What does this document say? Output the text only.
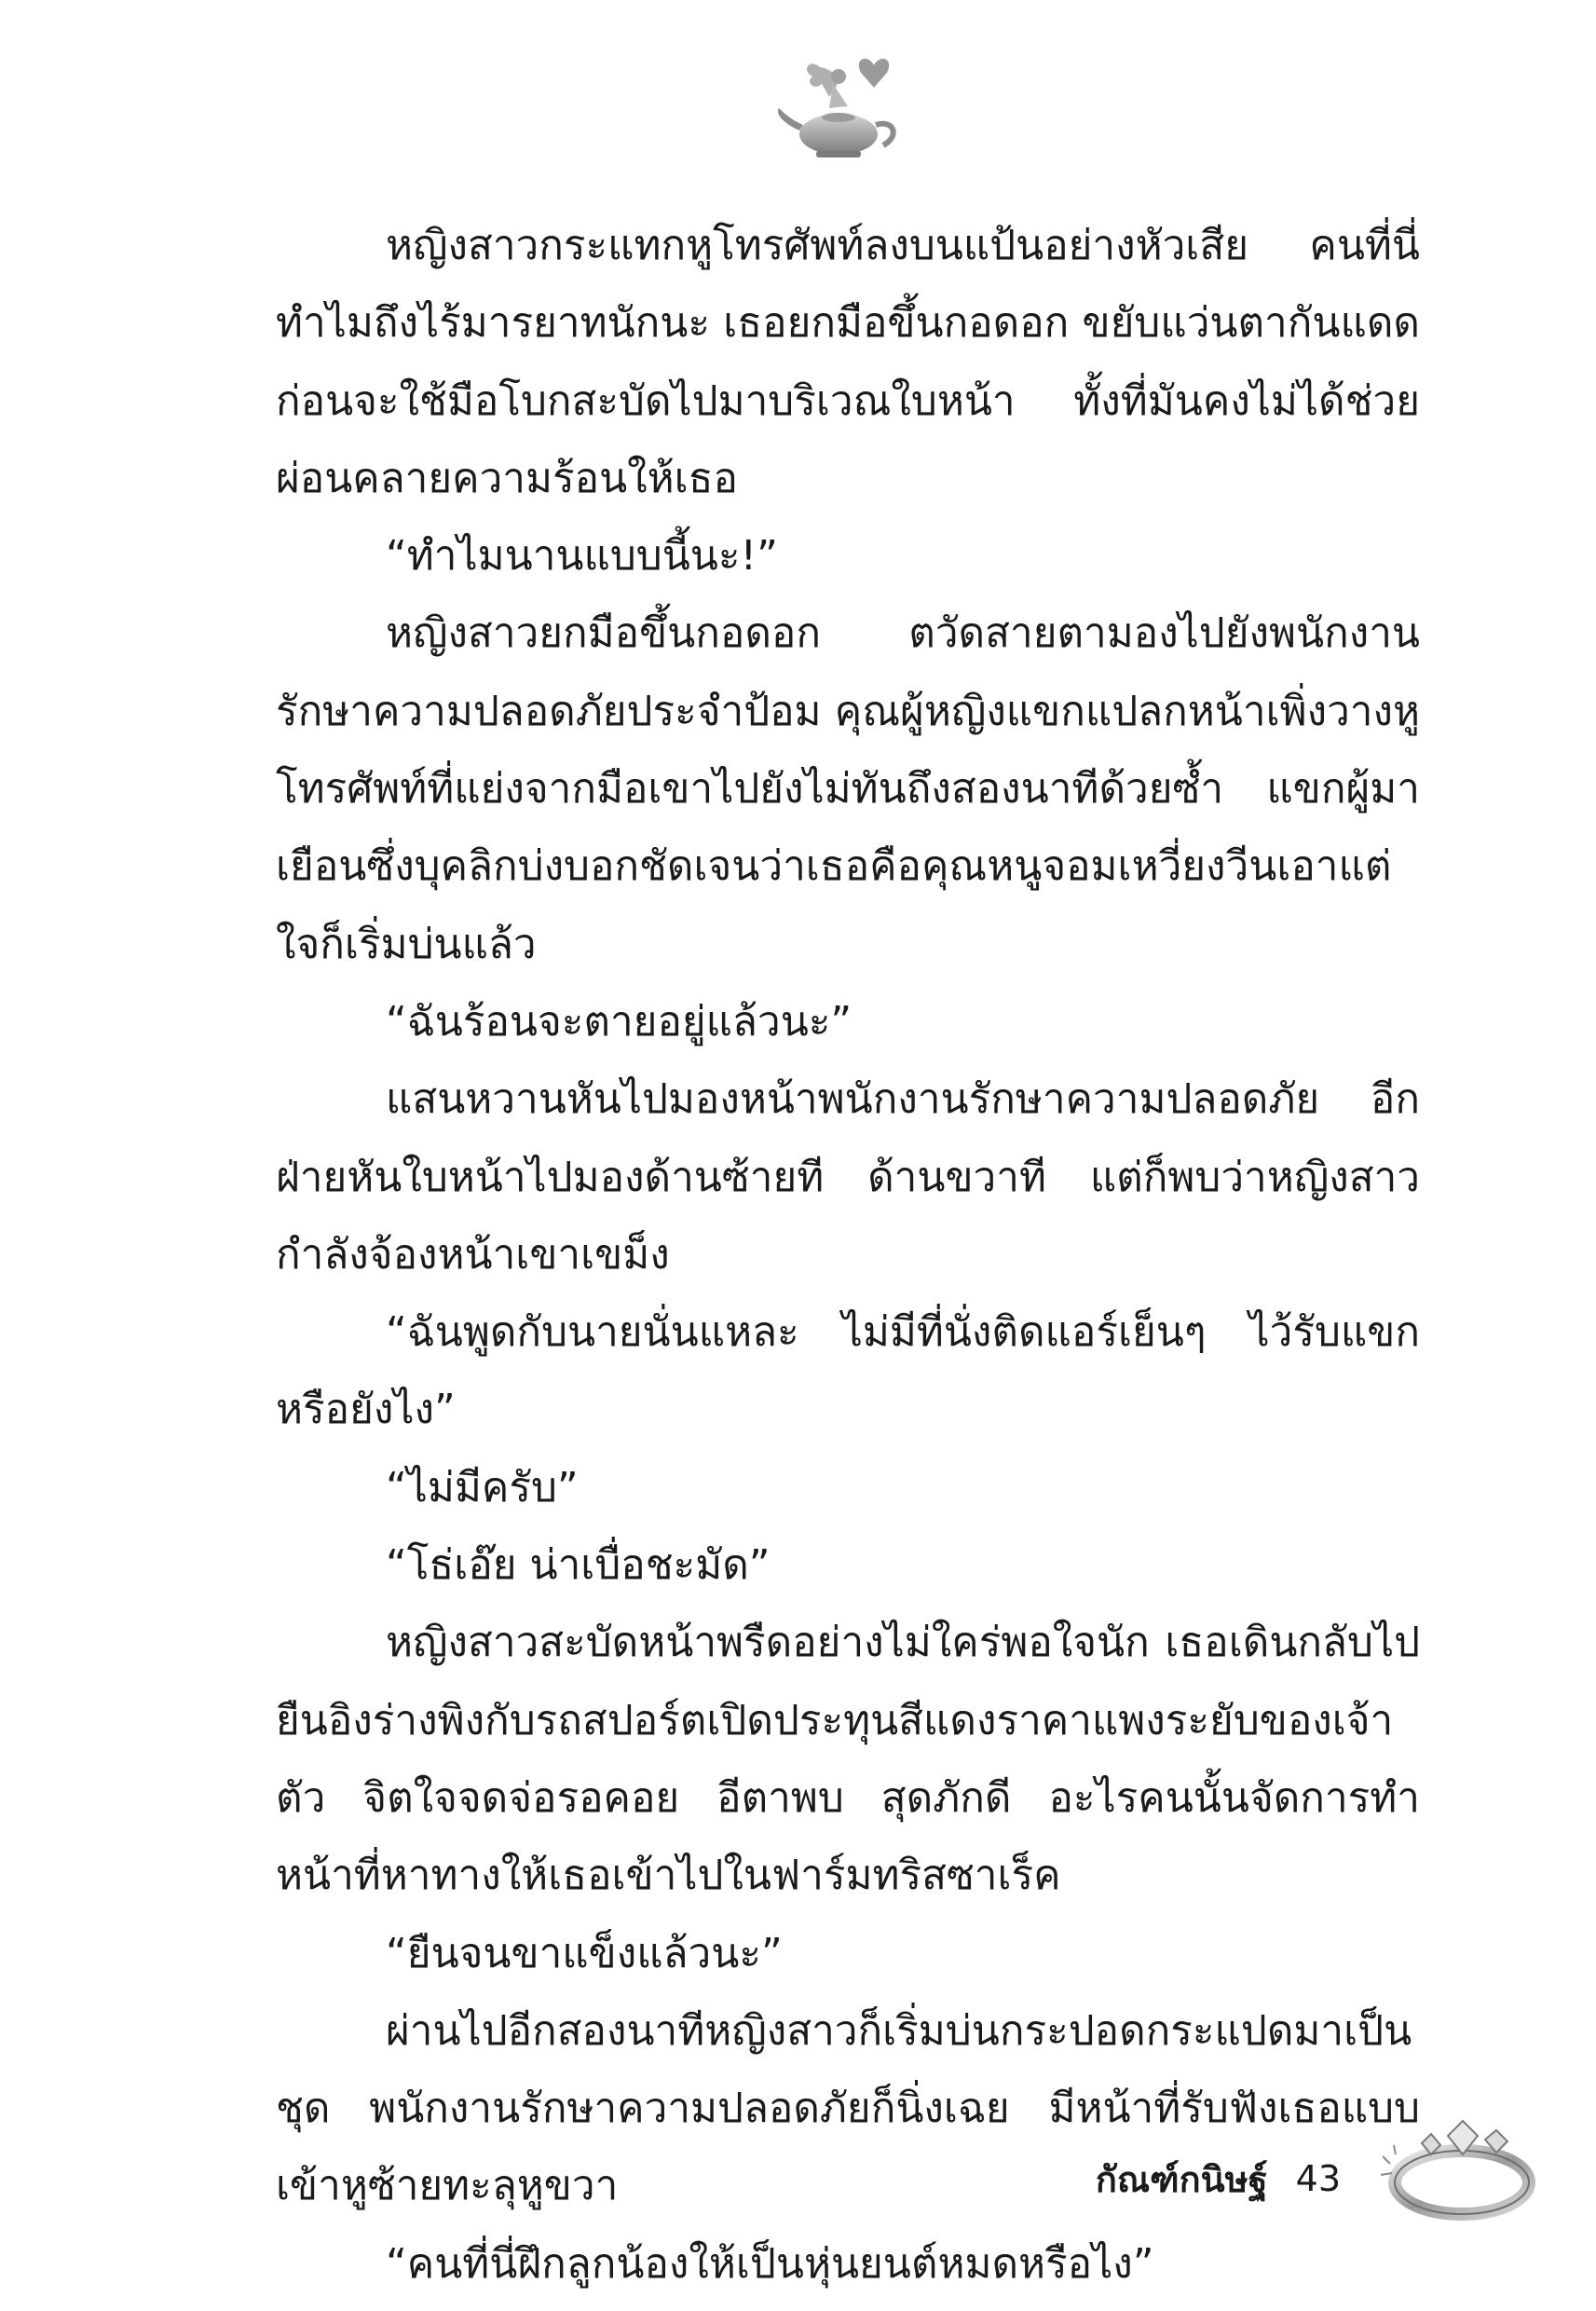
หญิงสาวกระแทกหูโทรศัพท์ลงบนแป้นอย่างหัวเสีย คนที่นี่ทำไมถึงไร้มารยาทนักนะ เธอยกมือขึ้นกอดอก ขยับแว่นตากันแดด ก่อนจะใช้มือโบกสะบัดไปมาบริเวณใบหน้า ทั้งที่มันคงไม่ได้ช่วยผ่อนคลายความร้อนให้เธอ

“ทำไมนานแบบนี้นะ!”

หญิงสาวยกมือขึ้นกอดอก ตวัดสายตามองไปยังพนักงานรักษาความปลอดภัยประจำป้อม คุณผู้หญิงแขกแปลกหน้าเพิ่งวางหูโทรศัพท์ที่แย่งจากมือเขาไปยังไม่ทันถึงสองนาทีด้วยซ้ำ แขกผู้มาเยือนซึ่งบุคลิกบ่งบอกชัดเจนว่าเธอคือคุณหนูจอมเหวี่ยงวีนเอาแต่ใจก็เริ่มบ่นแล้ว

“ฉันร้อนจะตายอยู่แล้วนะ”

แสนหวานหันไปมองหน้าพนักงานรักษาความปลอดภัย อีกฝ่ายหันใบหน้าไปมองด้านซ้ายที ด้านขวาที แต่ก็พบว่าหญิงสาวกำลังจ้องหน้าเขาเขม็ง

“ฉันพูดกับนายนั่นแหละ ไม่มีที่นั่งติดแอร์เย็นๆ ไว้รับแขกหรือยังไง”

“ไม่มีครับ”

“โธ่เอ๊ย น่าเบื่อชะมัด”

หญิงสาวสะบัดหน้าพรืดอย่างไม่ใคร่พอใจนัก เธอเดินกลับไปยืนอิงร่างพิงกับรถสปอร์ตเปิดประทุนสีแดงราคาแพงระยับของเจ้าตัว จิตใจจดจ่อรอคอย อีตาพบ สุดภักดี อะไรคนนั้นจัดการทำหน้าที่หาทางให้เธอเข้าไปในฟาร์มทริสซาเร็ค

“ยืนจนขาแข็งแล้วนะ”

ผ่านไปอีกสองนาทีหญิงสาวก็เริ่มบ่นกระปอดกระแปดมาเป็นชุด พนักงานรักษาความปลอดภัยก็นิ่งเฉย มีหน้าที่รับฟังเธอแบบเข้าหูซ้ายทะลุหูขวา

“คนที่นี่ฝึกลูกน้องให้เป็นหุ่นยนต์หมดหรือไง”

กัณฑ์กนิษฐ์ 43
